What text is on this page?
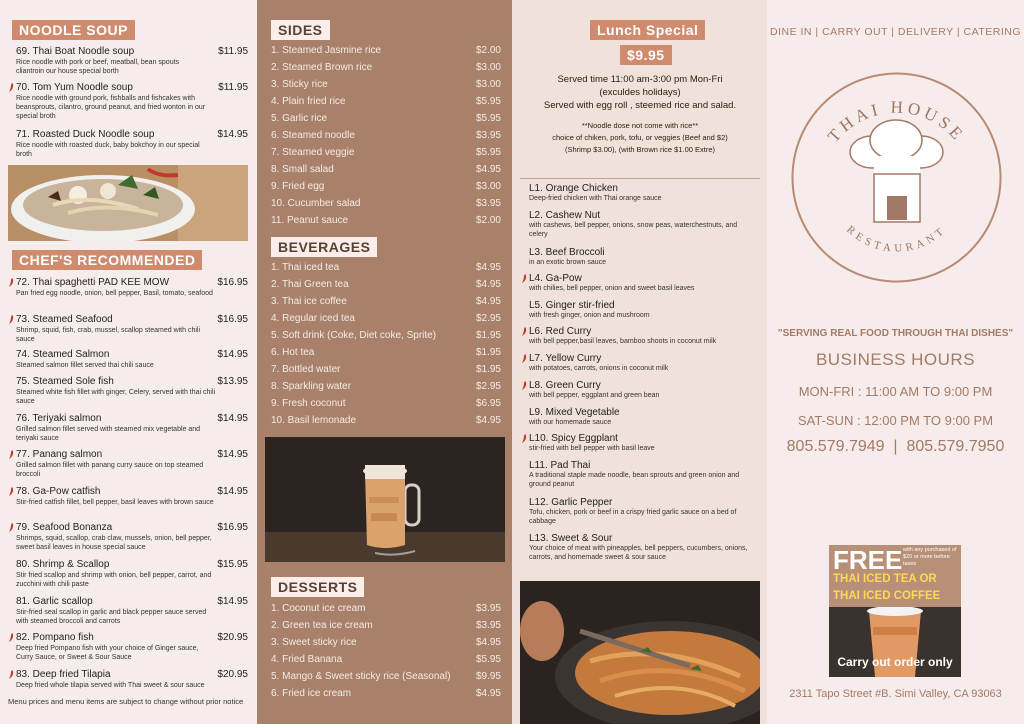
NOODLE SOUP
69. Thai Boat Noodle soup	$11.95
Rice noodle with pork or beef, meatball, bean spouts cliantroin our house special borth
70. Tom Yum Noodle soup	$11.95
Rice noodle with ground pork, fishballs and fishcakes with beansprouts, cilantro, ground peanut, and fried wonton in our special broth
71. Roasted Duck Noodle soup	$14.95
Rice noodle with roasted duck, baby bokchoy in our special broth
CHEF'S RECOMMENDED
72. Thai spaghetti PAD KEE MOW	$16.95
Pan fried egg noodle, onion, bell pepper, Basil, tomato, seafood
73. Steamed Seafood	$16.95
Shrimp, squid, fish, crab, mussel, scallop steamed with chili sauce
74. Steamed Salmon	$14.95
Steamed salmon fillet served thai chili sauce
75. Steamed Sole fish	$13.95
Steamed white fish fillet with ginger, Celery, served with thai chili sauce
76. Teriyaki salmon	$14.95
Grilled salmon fillet served with steamed mix vegetable and teriyaki sauce
77. Panang salmon	$14.95
Grilled salmon fillet with panang curry sauce on top steamed broccoli
78. Ga-Pow catfish	$14.95
Stir-fried catfish fillet, bell pepper, basil leaves with brown sauce
79. Seafood Bonanza	$16.95
Shrimps, squid, scallop, crab claw, mussels, onion, bell pepper, sweet basil leaves in house special sauce
80. Shrimp & Scallop	$15.95
Stir fried scallop and shrimp with onion, bell pepper, carrot, and zucchini with chili paste
81. Garlic scallop	$14.95
Stir-fried seal scallop in garlic and black pepper sauce served with steamed broccoli and carrots
82. Pompano fish	$20.95
Deep fried Pompano fish with your choice of Ginger sauce, Curry Sauce, or Sweet & Sour Sauce
83. Deep fried Tilapia	$20.95
Deep fried whole tilapia served with Thai sweet & sour sauce
Menu prices and menu items are subject to change without prior notice
SIDES
1. Steamed Jasmine rice	$2.00
2. Steamed Brown rice	$3.00
3. Sticky rice	$3.00
4. Plain fried rice	$5.95
5. Garlic rice	$5.95
6. Steamed noodle	$3.95
7. Steamed veggie	$5.95
8. Small salad	$4.95
9. Fried egg	$3.00
10. Cucumber salad	$3.95
11. Peanut sauce	$2.00
BEVERAGES
1. Thai iced tea	$4.95
2. Thai Green tea	$4.95
3. Thai ice coffee	$4.95
4. Regular iced tea	$2.95
5. Soft drink (Coke, Diet coke, Sprite)	$1.95
6. Hot tea	$1.95
7. Bottled water	$1.95
8. Sparkling water	$2.95
9. Fresh coconut	$6.95
10. Basil lemonade	$4.95
DESSERTS
1. Coconut ice cream	$3.95
2. Green tea ice cream	$3.95
3. Sweet sticky rice	$4.95
4. Fried Banana	$5.95
5. Mango & Sweet sticky rice (Seasonal)	$9.95
6. Fried ice cream	$4.95
Lunch Special
$9.95
Served time 11:00 am-3:00 pm Mon-Fri
(exculdes holidays)
Served with egg roll , steemed rice and salad.
**Noodle dose not come with rice**
choice of chiken, pork, tofu, or veggies (Beef and $2)
(Shrimp $3.00), (with Brown rice $1.00 Extre)
L1. Orange Chicken
Deep-fried chicken with Thai orange sauce
L2. Cashew Nut
with cashews, bell pepper, onions, snow peas, waterchestnuts, and celery
L3. Beef Broccoli
in an exotic brown sauce
L4. Ga-Pow
with chilies, bell pepper, onion and sweet basil leaves
L5. Ginger stir-fried
with fresh ginger, onion and mushroom
L6. Red Curry
with bell pepper,basil leaves, bamboo shoots in coconut milk
L7. Yellow Curry
with potatoes, carrots, onions in coconut milk
L8. Green Curry
with bell pepper, eggplant and green bean
L9. Mixed Vegetable
with our homemade sauce
L10. Spicy Eggplant
stir-fried with bell pepper with basil leave
L11. Pad Thai
A traditional staple made noodle, bean sprouts and green onion and ground peanut
L12. Garlic Pepper
Tofu, chicken, pork or beef in a crispy fried garlic sauce on a bed of cabbage
L13. Sweet & Sour
Your choice of meat with pineapples, bell peppers, cucumbers, onions, carrots, and homemade sweet & sour sauce
DINE IN | CARRY OUT | DELIVERY | CATERING
THAI HOUSE
RESTAURANT
"SERVING REAL FOOD THROUGH THAI DISHES"
BUSINESS HOURS
MON-FRI : 11:00 AM TO 9:00 PM
SAT-SUN : 12:00 PM TO 9:00 PM
805.579.7949  |  805.579.7950
FREE with any purchased of $20 or more before taxes
THAI ICED TEA OR
THAI ICED COFFEE
Carry out order only
2311 Tapo Street #B. Simi Valley, CA 93063
